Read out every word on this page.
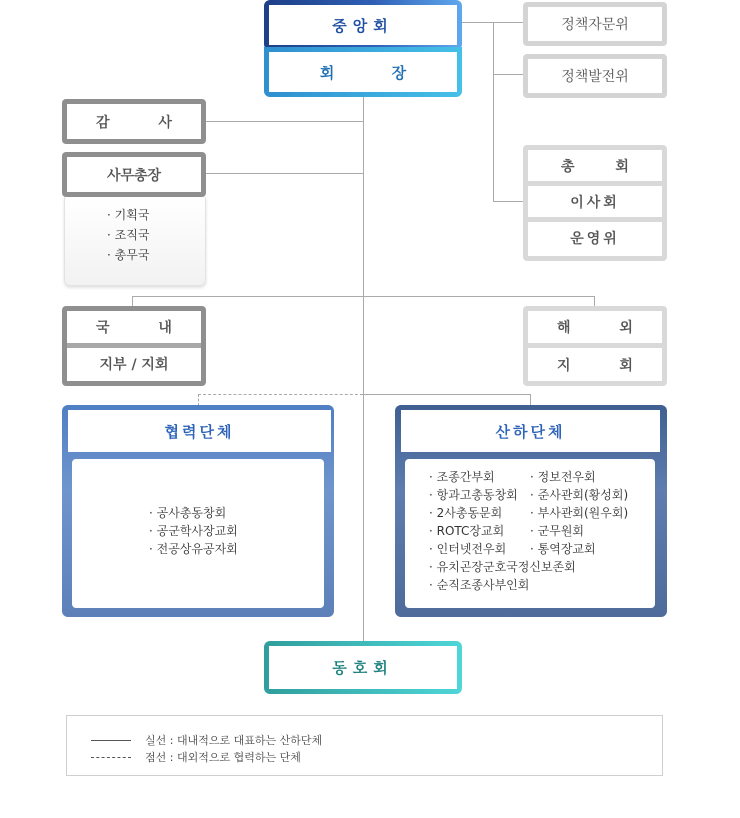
중앙회
회 장
정책자문위
정책발전위
총 회
이사회
운영위
감 사
사무총장
· 기획국
· 조직국
· 총무국
국 내
지부 / 지회
해 외
지 회
협력단체
· 공사총동창회
· 공군학사장교회
· 전공상유공자회
산하단체
· 조종간부회
· 항과고총동창회
· 2사총동문회
· ROTC장교회
· 인터넷전우회
· 유치곤장군호국정신보존회
· 순직조종사부인회
· 정보전우회
· 준사관회(황성회)
· 부사관회(원우회)
· 군무원회
· 통역장교회
동호회
실선 : 대내적으로 대표하는 산하단체
점선 : 대외적으로 협력하는 단체
